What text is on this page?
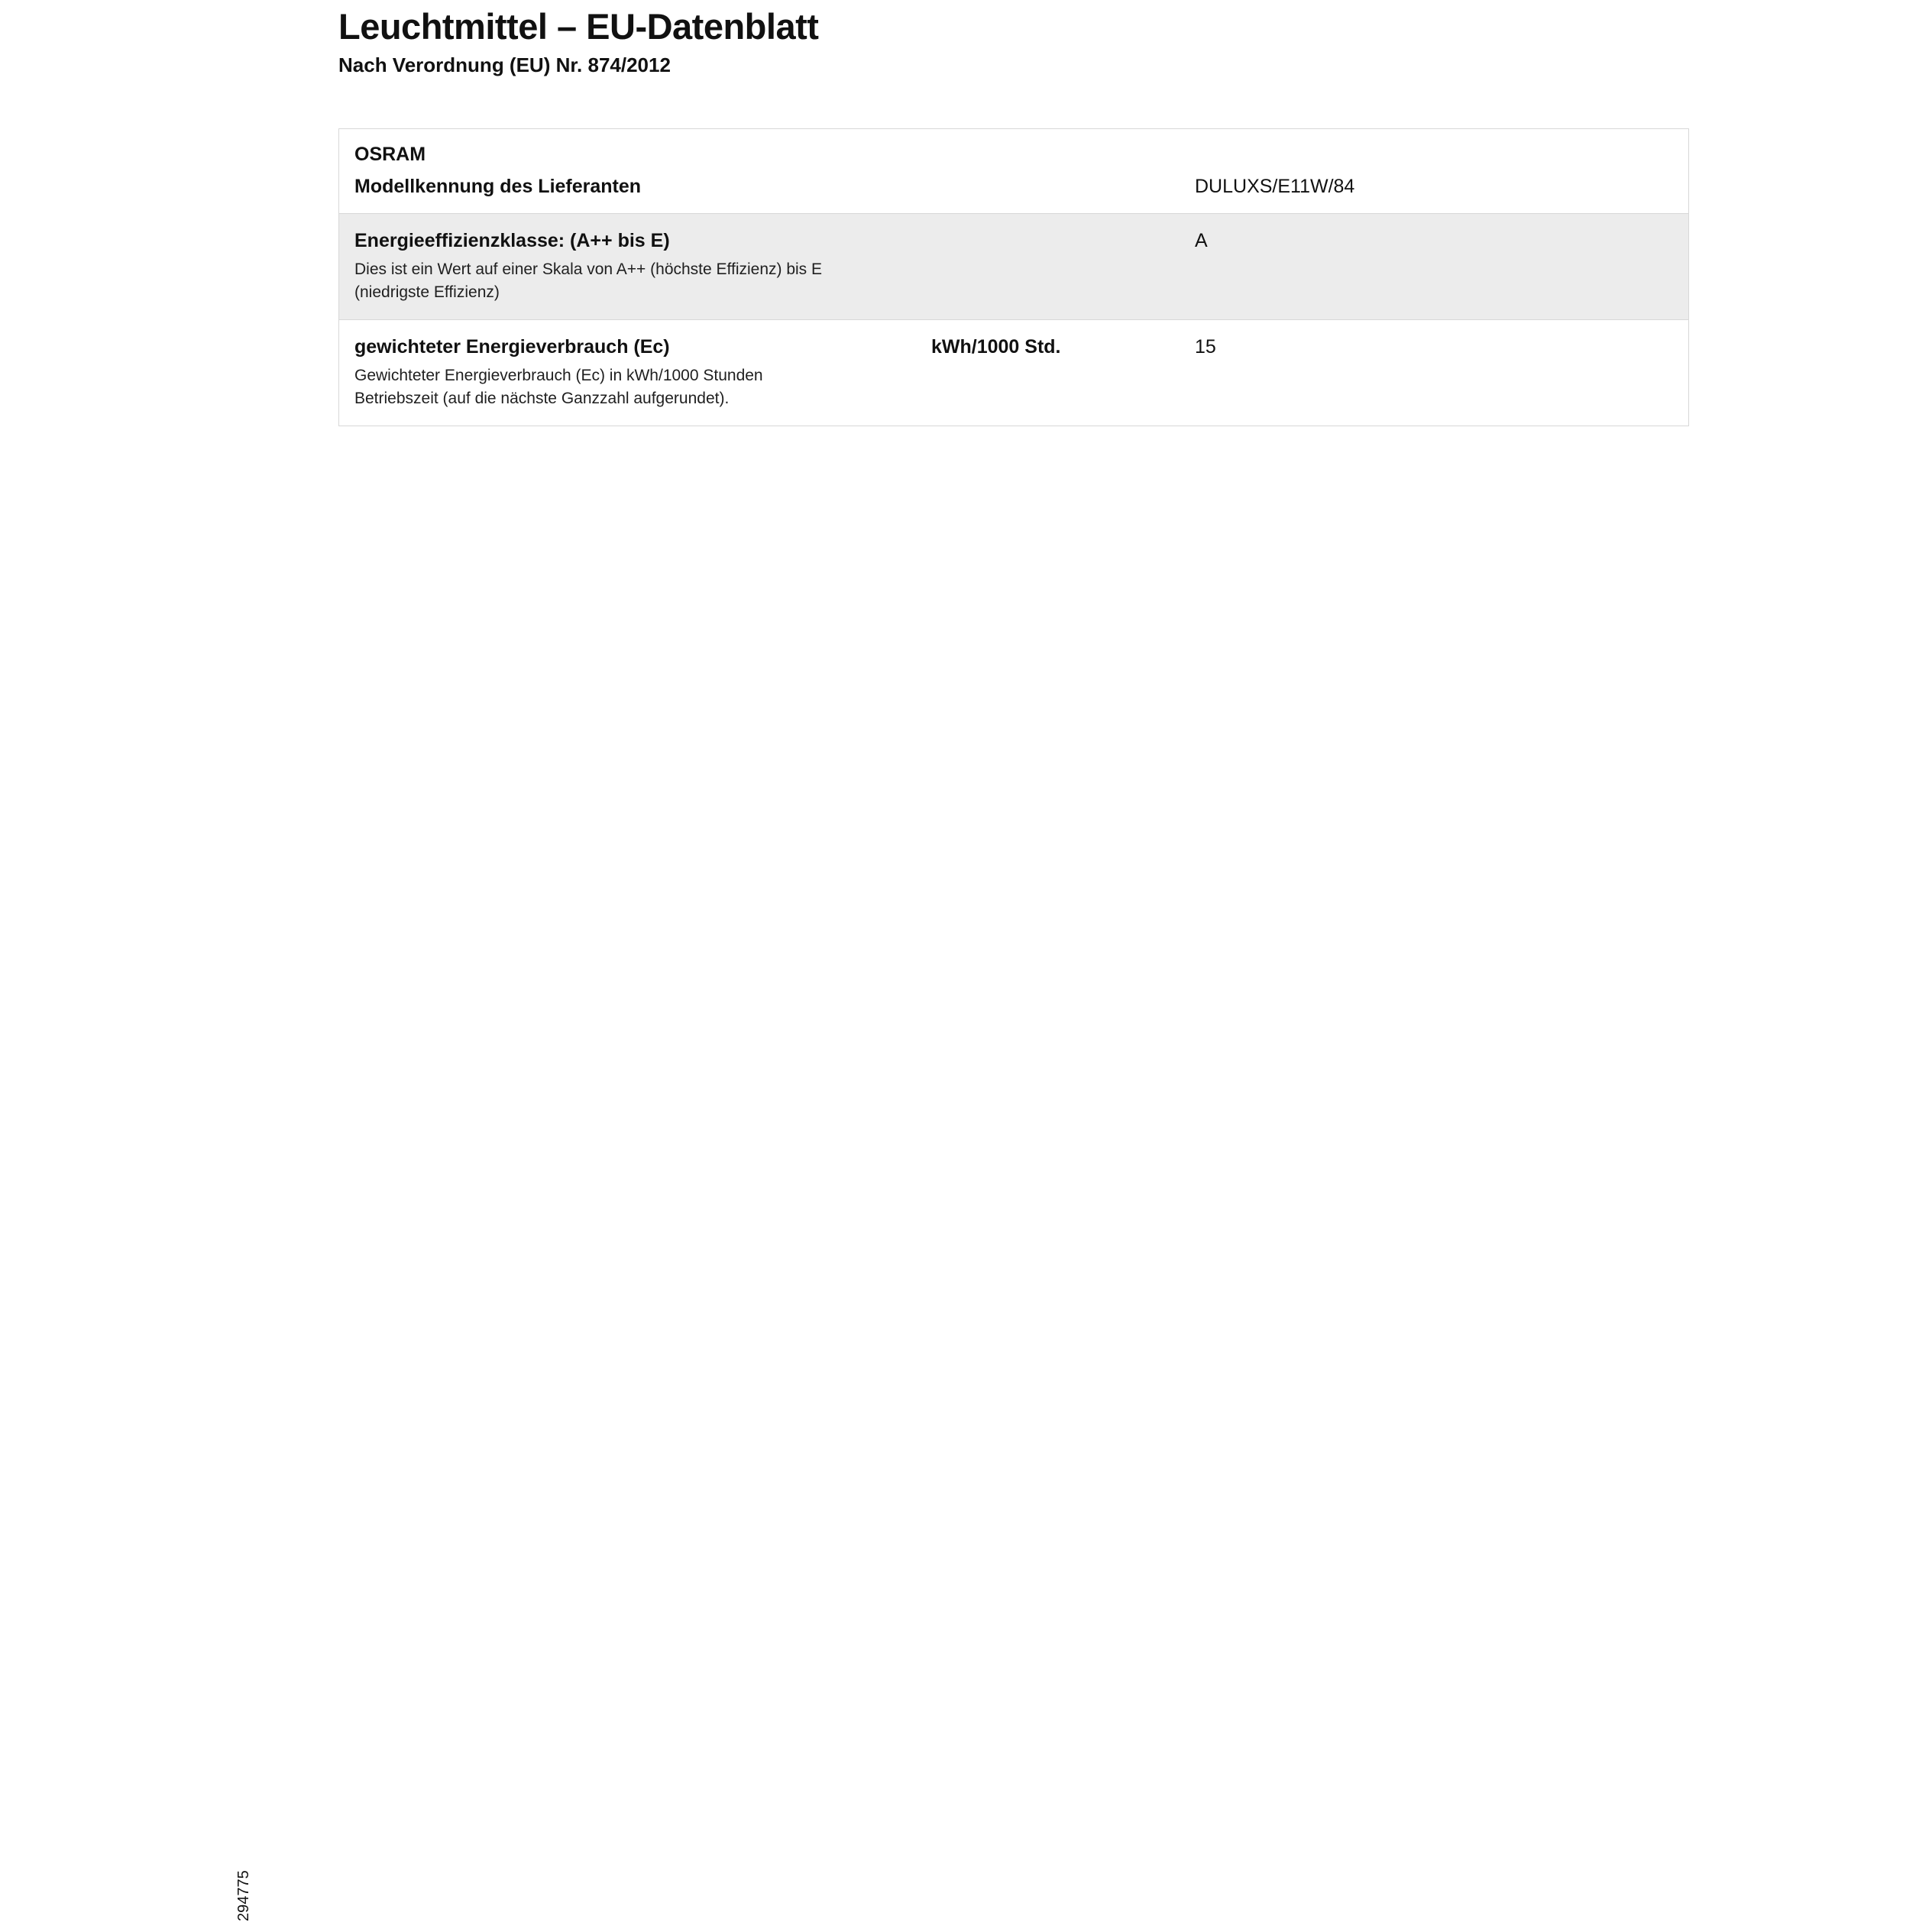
Leuchtmittel – EU-Datenblatt
Nach Verordnung (EU) Nr. 874/2012
OSRAM
Modellkennung des Lieferanten	DULUXS/E11W/84
Energieeffizienzklasse: (A++ bis E)
Dies ist ein Wert auf einer Skala von A++ (höchste Effizienz) bis E (niedrigste Effizienz)
A
gewichteter Energieverbrauch (Ec)
Gewichteter Energieverbrauch (Ec) in kWh/1000 Stunden Betriebszeit (auf die nächste Ganzzahl aufgerundet).
kWh/1000 Std.	15
294775
